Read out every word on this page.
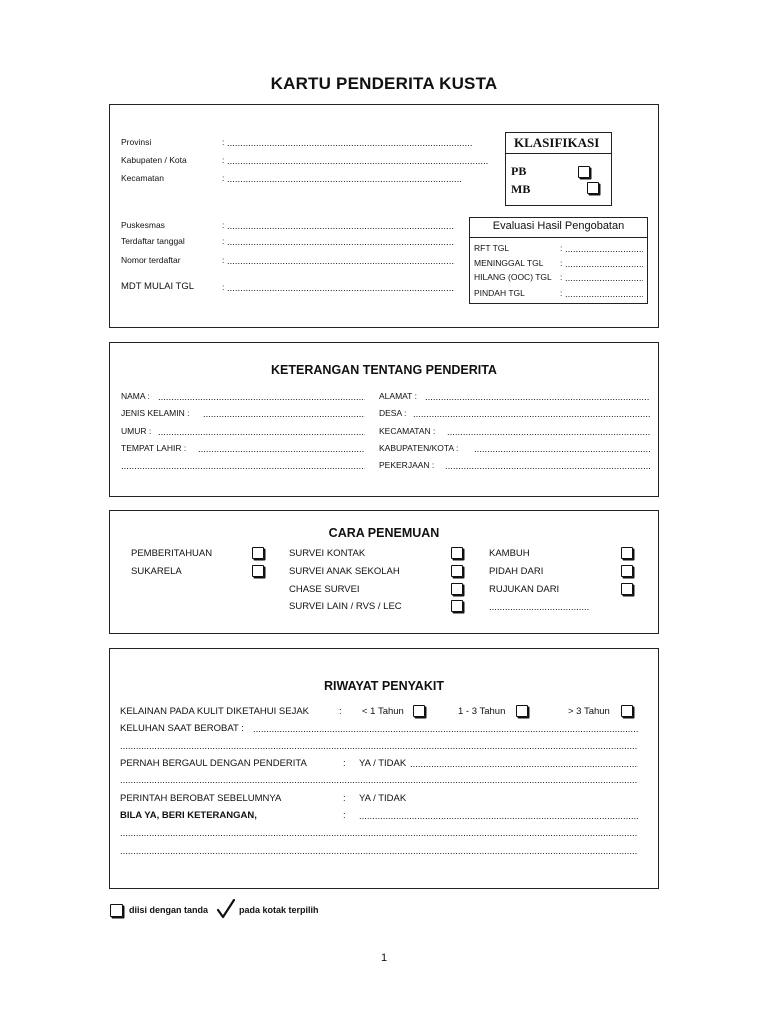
KARTU PENDERITA KUSTA
Provinsi	:
.....
Kabupaten / Kota	:
.....
Kecamatan	:
.....
Puskesmas	:
.....
Terdaftar tanggal	:
.....
Nomor terdaftar	:
.....
MDT MULAI TGL	:
.....
KLASIFIKASI
PB
MB
Evaluasi Hasil Pengobatan
RFT TGL	:
.....
MENINGGAL TGL :
.....
HILANG (OOC) TGL :
.....
PINDAH TGL	:
.....
KETERANGAN TENTANG PENDERITA
NAMA :
.....
JENIS KELAMIN :
.....
UMUR :
.....
TEMPAT LAHIR :
.....
.....
ALAMAT :
.....
DESA :
.....
KECAMATAN :
.....
KABUPATEN/KOTA :
.....
PEKERJAAN :
.....
CARA PENEMUAN
PEMBERITAHUAN
SUKARELA
SURVEI KONTAK
SURVEI ANAK SEKOLAH
CHASE SURVEI
SURVEI LAIN / RVS / LEC
KAMBUH
PIDAH DARI
RUJUKAN DARI
.....
RIWAYAT PENYAKIT
KELAINAN PADA KULIT DIKETAHUI SEJAK	: < 1 Tahun	1 - 3 Tahun	> 3 Tahun
KELUHAN SAAT BEROBAT :
.....
.....
PERNAH BERGAUL DENGAN PENDERITA	: YA / TIDAK
.....
.....
PERINTAH BEROBAT SEBELUMNYA	: YA / TIDAK
BILA YA, BERI KETERANGAN,	:
.....
.....
.....
diisi dengan tanda	pada kotak terpilih
1
